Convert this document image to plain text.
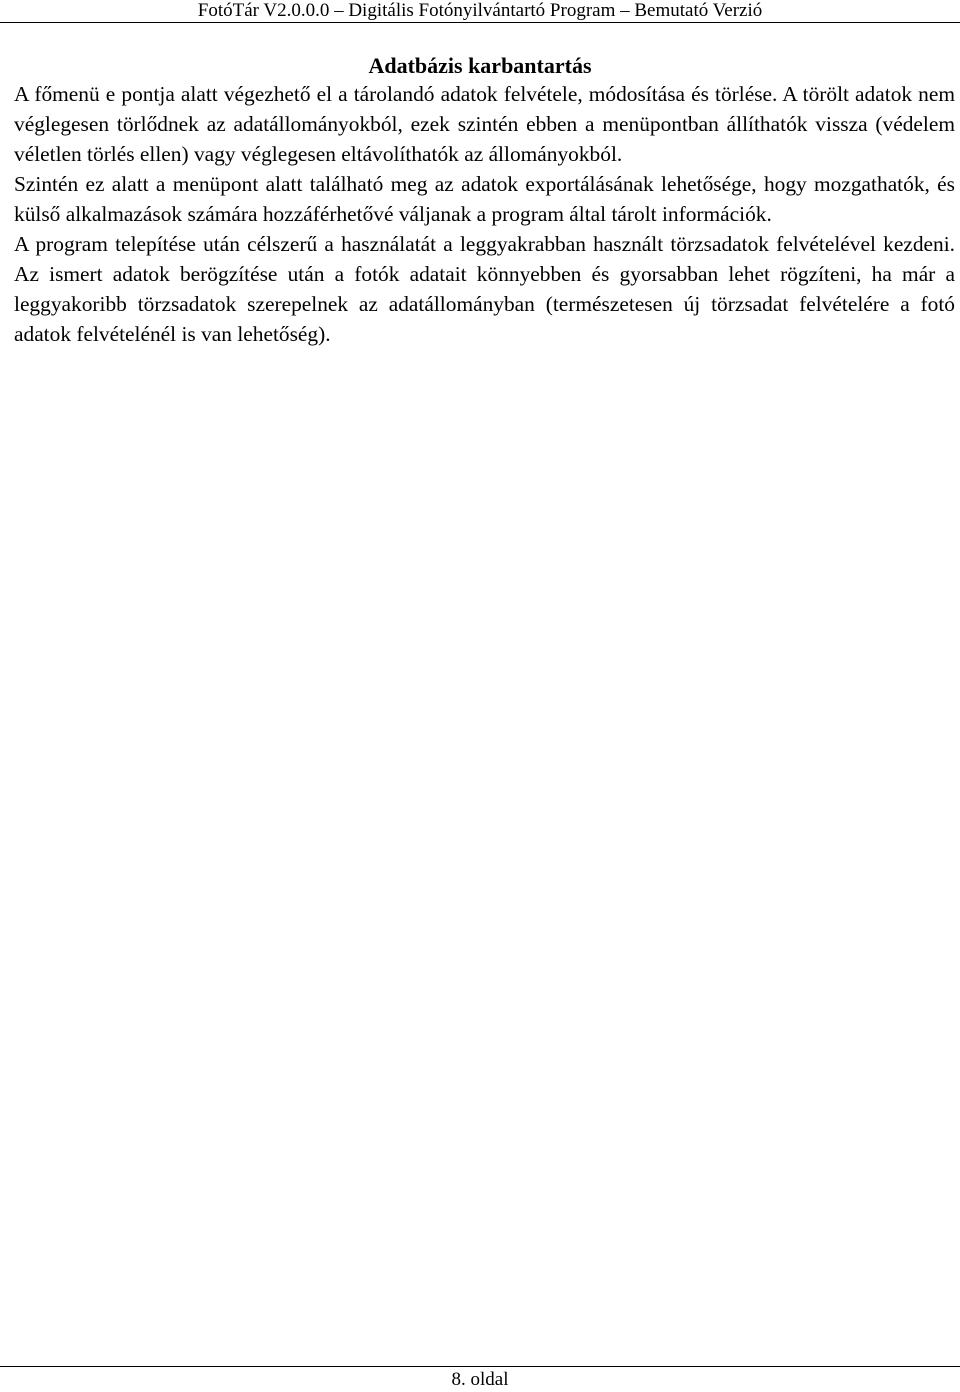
FotóTár V2.0.0.0 – Digitális Fotónyilvántartó Program – Bemutató Verzió
Adatbázis karbantartás

A főmenü e pontja alatt végezhető el a tárolandó adatok felvétele, módosítása és törlése. A törölt adatok nem véglegesen törlődnek az adatállományokból, ezek szintén ebben a menüpontban állíthatók vissza (védelem véletlen törlés ellen) vagy véglegesen eltávolíthatók az állományokból.

Szintén ez alatt a menüpont alatt található meg az adatok exportálásának lehetősége, hogy mozgathatók, és külső alkalmazások számára hozzáférhetővé váljanak a program által tárolt információk.

A program telepítése után célszerű a használatát a leggyakrabban használt törzsadatok felvételével kezdeni. Az ismert adatok berögzítése után a fotók adatait könnyebben és gyorsabban lehet rögzíteni, ha már a leggyakoribb törzsadatok szerepelnek az adatállományban (természetesen új törzsadat felvételére a fotó adatok felvételénél is van lehetőség).

8. oldal
